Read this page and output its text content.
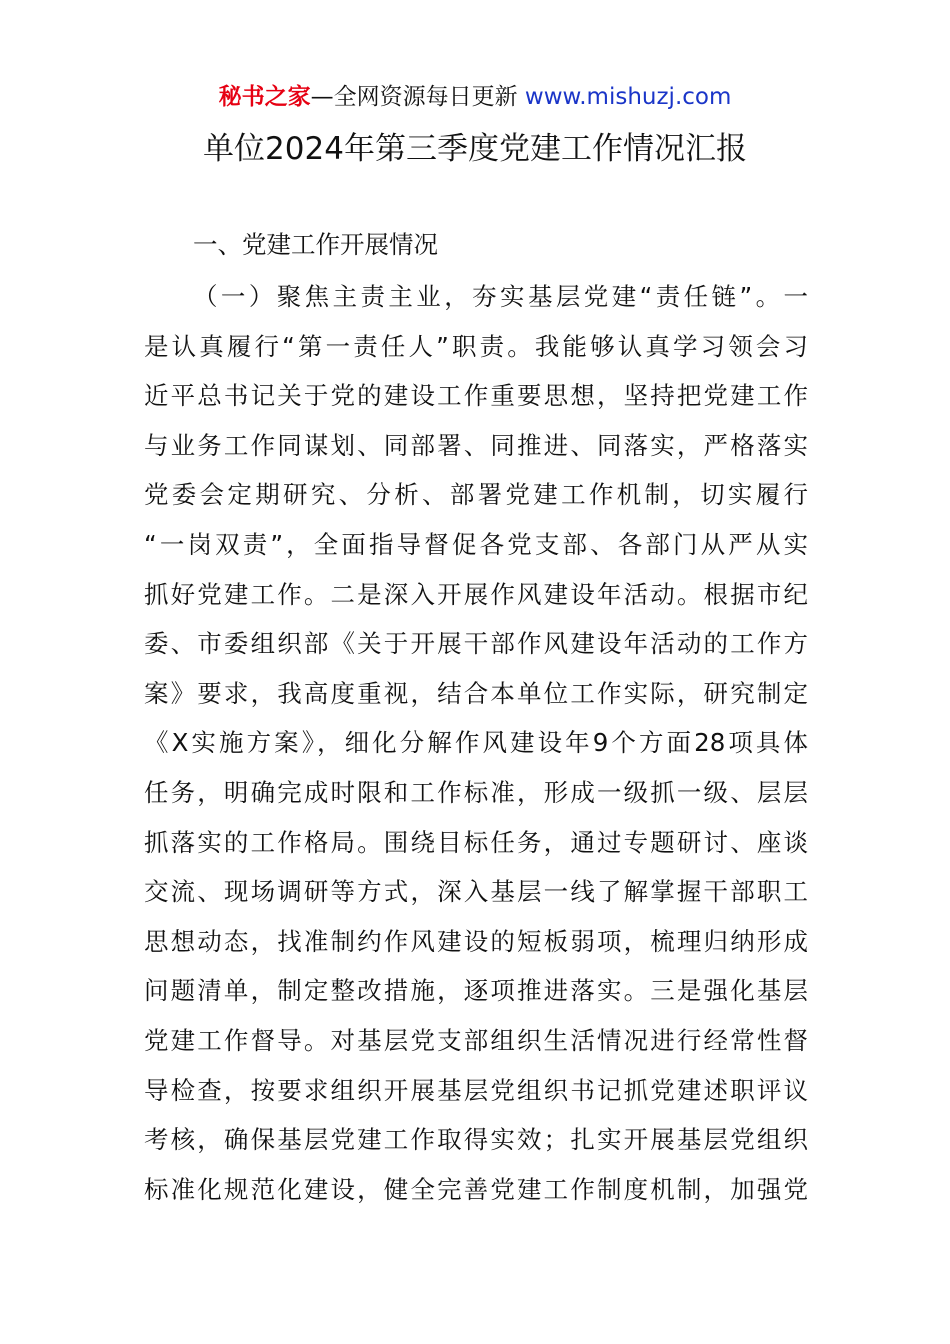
秘书之家—全网资源每日更新 www.mishuzj.com
单位2024年第三季度党建工作情况汇报
一、党建工作开展情况
（一）聚焦主责主业，夯实基层党建“责任链”。一
是认真履行“第一责任人”职责。我能够认真学习领会习
近平总书记关于党的建设工作重要思想，坚持把党建工作
与业务工作同谋划、同部署、同推进、同落实，严格落实
党委会定期研究、分析、部署党建工作机制，切实履行
“一岗双责”，全面指导督促各党支部、各部门从严从实
抓好党建工作。二是深入开展作风建设年活动。根据市纪
委、市委组织部《关于开展干部作风建设年活动的工作方
案》要求，我高度重视，结合本单位工作实际，研究制定
《X实施方案》，细化分解作风建设年9个方面28项具体
任务，明确完成时限和工作标准，形成一级抓一级、层层
抓落实的工作格局。围绕目标任务，通过专题研讨、座谈
交流、现场调研等方式，深入基层一线了解掌握干部职工
思想动态，找准制约作风建设的短板弱项，梳理归纳形成
问题清单，制定整改措施，逐项推进落实。三是强化基层
党建工作督导。对基层党支部组织生活情况进行经常性督
导检查，按要求组织开展基层党组织书记抓党建述职评议
考核，确保基层党建工作取得实效；扎实开展基层党组织
标准化规范化建设，健全完善党建工作制度机制，加强党
